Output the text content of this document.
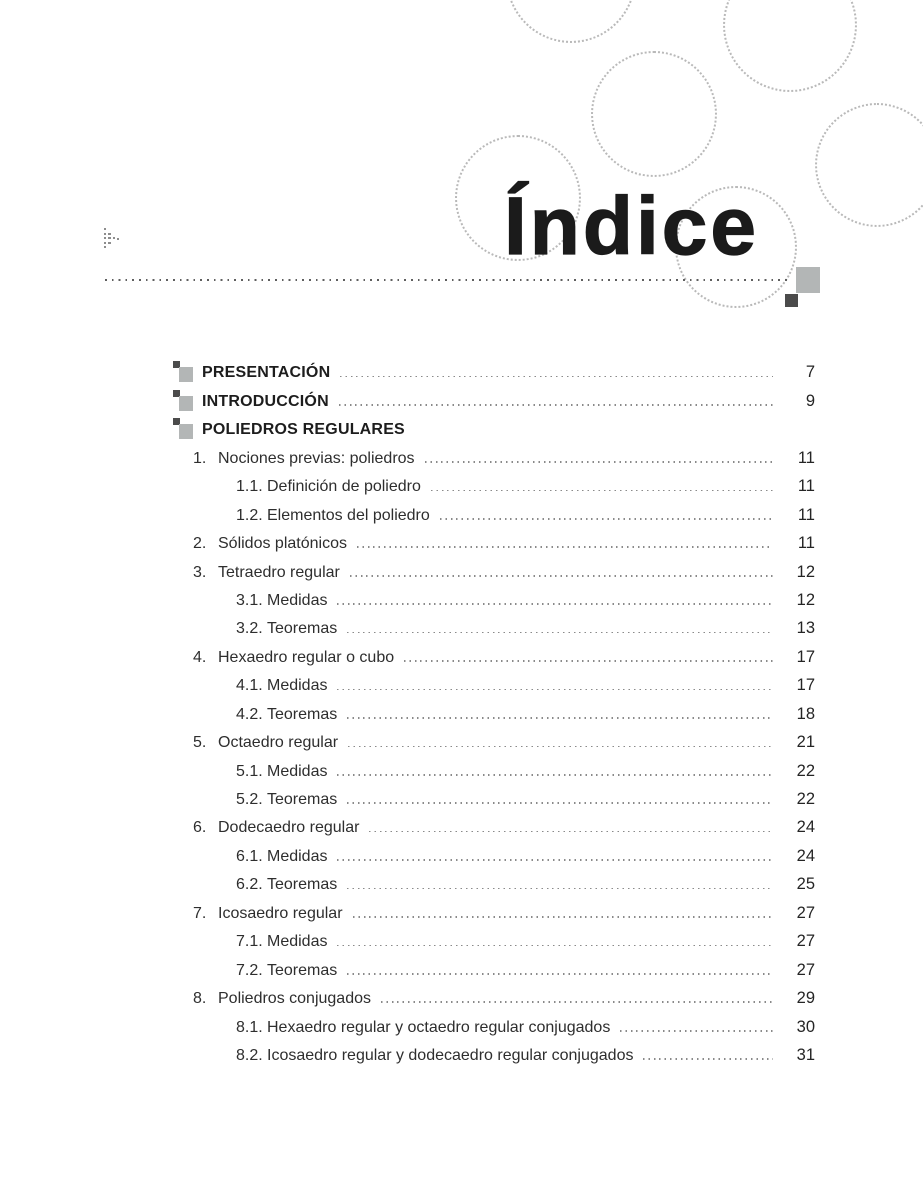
Índice
PRESENTACIÓN	7
INTRODUCCIÓN	9
POLIEDROS REGULARES
1. Nociones previas: poliedros	11
1.1. Definición de poliedro	11
1.2. Elementos del poliedro	11
2. Sólidos platónicos	11
3. Tetraedro regular	12
3.1. Medidas	12
3.2. Teoremas	13
4. Hexaedro regular o cubo	17
4.1. Medidas	17
4.2. Teoremas	18
5. Octaedro regular	21
5.1. Medidas	22
5.2. Teoremas	22
6. Dodecaedro regular	24
6.1. Medidas	24
6.2. Teoremas	25
7. Icosaedro regular	27
7.1. Medidas	27
7.2. Teoremas	27
8. Poliedros conjugados	29
8.1. Hexaedro regular y octaedro regular conjugados	30
8.2. Icosaedro regular y dodecaedro regular conjugados	31
